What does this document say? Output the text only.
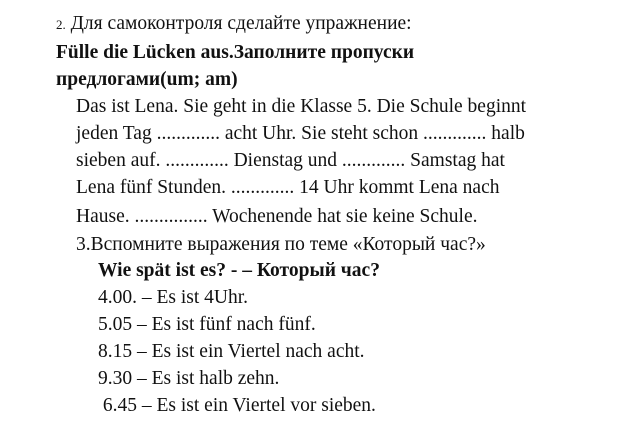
2. Для самоконтроля сделайте упражнение:
Fülle die Lücken aus.Заполните пропуски
предлогами(um; am)
Das ist Lena. Sie geht in die Klasse 5. Die Schule beginnt
jeden Tag ............. acht Uhr. Sie steht schon ............. halb
sieben auf. ............. Dienstag und ............. Samstag hat
Lena fünf Stunden. ............. 14 Uhr kommt Lena nach
Hause. ............... Wochenende hat sie keine Schule.
3.Вспомните выражения по теме «Который час?»
Wie spät ist es? - – Который час?
4.00. – Es ist 4Uhr.
5.05 – Es ist fünf nach fünf.
8.15 – Es ist ein Viertel nach acht.
9.30 – Es ist halb zehn.
6.45 – Es ist ein Viertel vor sieben.
